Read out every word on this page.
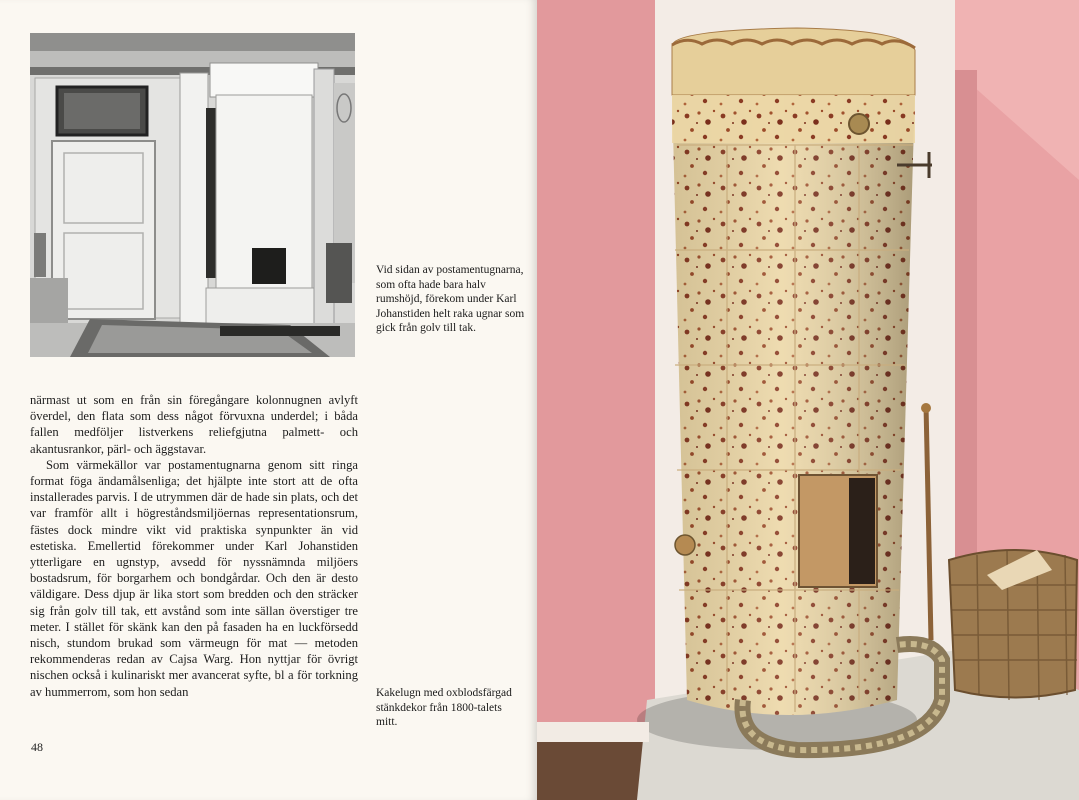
Vid sidan av postamentugnarna, som ofta hade bara halv rumshöjd, förekom under Karl Johanstiden helt raka ugnar som gick från golv till tak.

närmast ut som en från sin föregångare kolonnugnen avlyft överdel, den flata som dess något förvuxna underdel; i båda fallen medföljer listverkens reliefgjutna palmett- och akantusrankor, pärl- och äggstavar.

Som värmekällor var postamentugnarna genom sitt ringa format föga ändamålsenliga; det hjälpte inte stort att de ofta installerades parvis. I de utrymmen där de hade sin plats, och det var framför allt i högreståndsmiljöernas representationsrum, fästes dock mindre vikt vid praktiska synpunkter än vid estetiska. Emellertid förekommer under Karl Johanstiden ytterligare en ugnstyp, avsedd för nyssnämnda miljöers bostadsrum, för borgarhem och bondgårdar. Och den är desto väldigare. Dess djup är lika stort som bredden och den sträcker sig från golv till tak, ett avstånd som inte sällan överstiger tre meter. I stället för skänk kan den på fasaden ha en luckförsedd nisch, stundom brukad som värmeugn för mat — metoden rekommenderas redan av Cajsa Warg. Hon nyttjar för övrigt nischen också i kulinariskt mer avancerat syfte, bl a för torkning av hummerrom, som hon sedan	Kakelugn med oxblodsfärgad stänkdekor från 1800-talets mitt.

48
